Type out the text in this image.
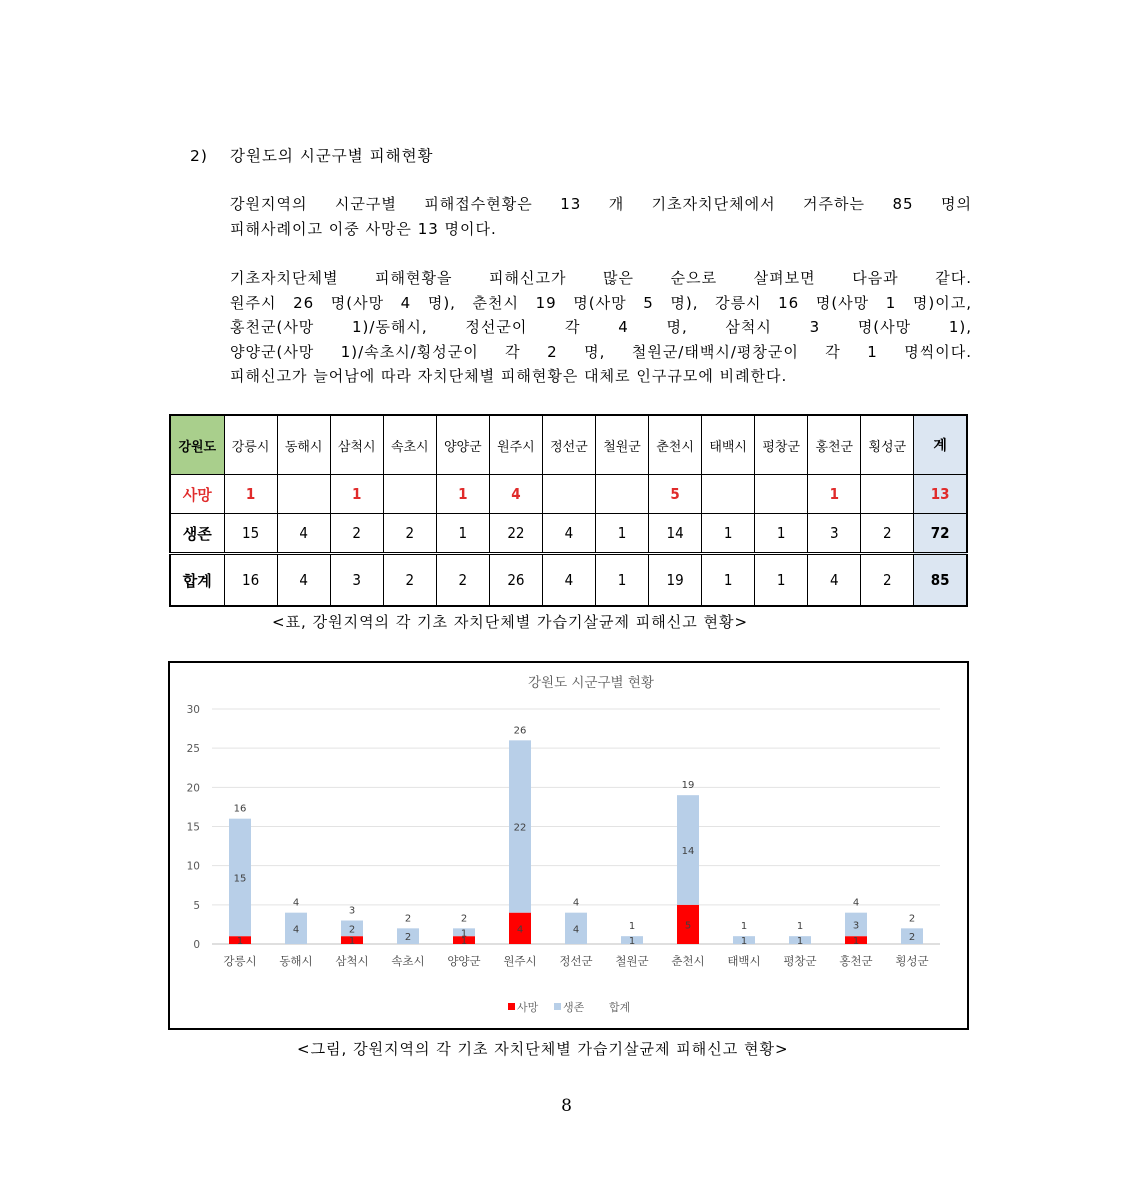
2) 강원도의 시군구별 피해현황
강원지역의 시군구별 피해접수현황은 13 개 기초자치단체에서 거주하는 85 명의
피해사례이고 이중 사망은 13 명이다.
기초자치단체별 피해현황을 피해신고가 많은 순으로 살펴보면 다음과 같다.
원주시 26 명(사망 4 명), 춘천시 19 명(사망 5 명), 강릉시 16 명(사망 1 명)이고,
홍천군(사망 1)/동해시, 정선군이 각 4 명, 삼척시 3 명(사망 1),
양양군(사망 1)/속초시/횡성군이 각 2 명, 철원군/태백시/평창군이 각 1 명씩이다.
피해신고가 늘어남에 따라 자치단체별 피해현황은 대체로 인구규모에 비례한다.
강원도	강릉시	동해시	삼척시	속초시	양양군	원주시	정선군	철원군	춘천시	태백시	평창군	홍천군	횡성군	계
사망	1		1		1	4			5			1		13
생존	15	4	2	2	1	22	4	1	14	1	1	3	2	72
합계	16	4	3	2	2	26	4	1	19	1	1	4	2	85
<표, 강원지역의 각 기초 자치단체별 가습기살균제 피해신고 현황>
강원도 시군구별 현황
0
5
10
15
20
25
30
1
15
16
강릉시
4
4
동해시
1
2
3
삼척시
2
2
속초시
1
1
2
양양군
4
22
26
원주시
4
4
정선군
1
1
철원군
5
14
19
춘천시
1
1
태백시
1
1
평창군
1
3
4
홍천군
2
2
횡성군
사망 생존 합계
<그림, 강원지역의 각 기초 자치단체별 가습기살균제 피해신고 현황>
8
